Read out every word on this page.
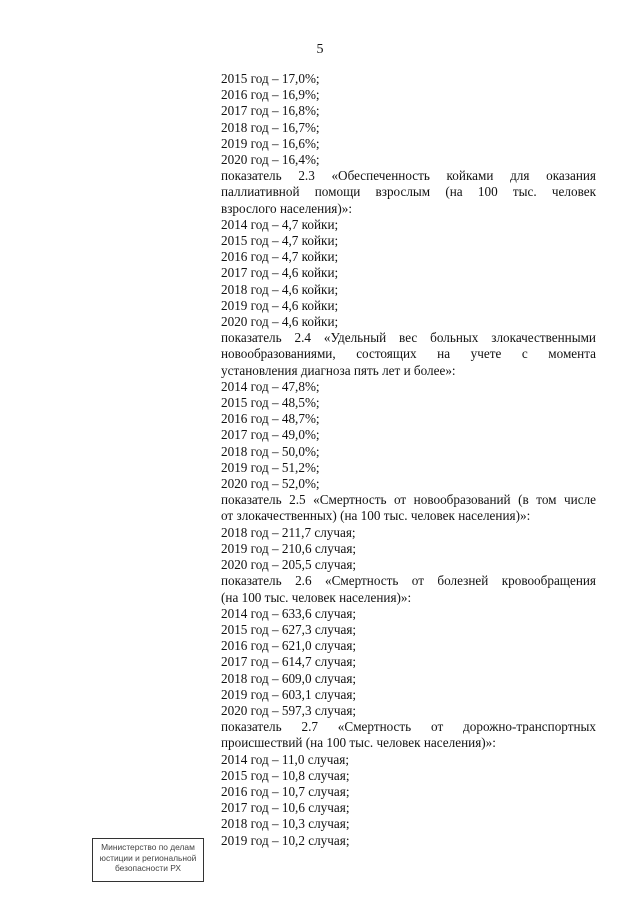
5
2015 год – 17,0%;
2016 год – 16,9%;
2017 год – 16,8%;
2018 год – 16,7%;
2019 год – 16,6%;
2020 год – 16,4%;
показатель 2.3 «Обеспеченность койками для оказания
паллиативной помощи взрослым (на 100 тыс. человек
взрослого населения)»:
2014 год – 4,7 койки;
2015 год – 4,7 койки;
2016 год – 4,7 койки;
2017 год – 4,6 койки;
2018 год – 4,6 койки;
2019 год – 4,6 койки;
2020 год – 4,6 койки;
показатель 2.4 «Удельный вес больных злокачественными
новообразованиями, состоящих на учете с момента
установления диагноза пять лет и более»:
2014 год – 47,8%;
2015 год – 48,5%;
2016 год – 48,7%;
2017 год – 49,0%;
2018 год – 50,0%;
2019 год – 51,2%;
2020 год – 52,0%;
показатель 2.5 «Смертность от новообразований (в том числе
от злокачественных) (на 100 тыс. человек населения)»:
2018 год – 211,7 случая;
2019 год – 210,6 случая;
2020 год – 205,5 случая;
показатель 2.6 «Смертность от болезней кровообращения
(на 100 тыс. человек населения)»:
2014 год – 633,6 случая;
2015 год – 627,3 случая;
2016 год – 621,0 случая;
2017 год – 614,7 случая;
2018 год – 609,0 случая;
2019 год – 603,1 случая;
2020 год – 597,3 случая;
показатель 2.7 «Смертность от дорожно-транспортных
происшествий (на 100 тыс. человек населения)»:
2014 год – 11,0 случая;
2015 год – 10,8 случая;
2016 год – 10,7 случая;
2017 год – 10,6 случая;
2018 год – 10,3 случая;
2019 год – 10,2 случая;
Министерство по делам
юстиции и региональной
безопасности РХ
